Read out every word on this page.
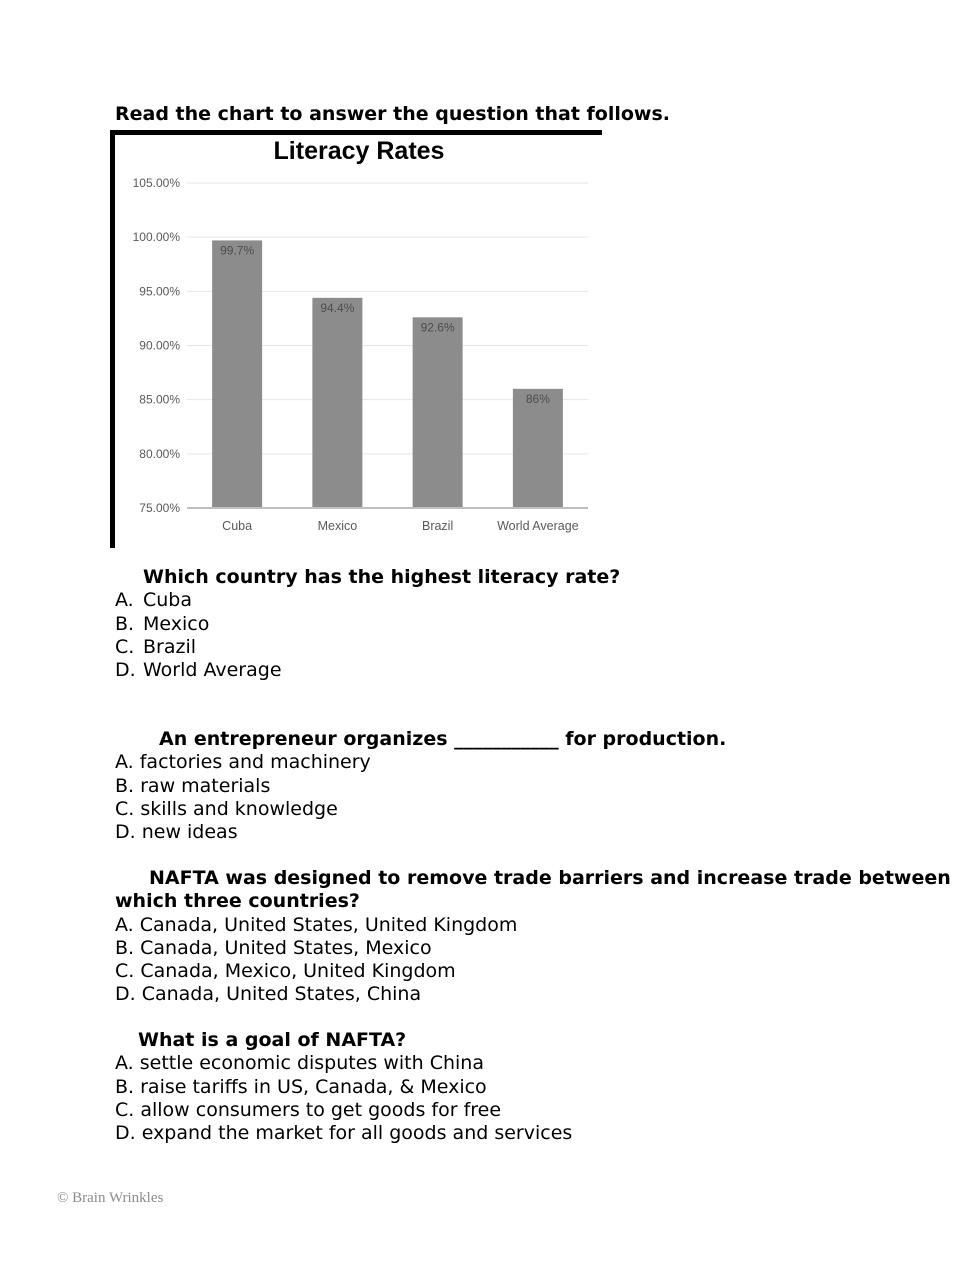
Read the chart to answer the question that follows.
Literacy Rates
75.00%
80.00%
85.00%
90.00%
95.00%
100.00%
105.00%
99.7%
Cuba
94.4%
Mexico
92.6%
Brazil
86%
World Average
Which country has the highest literacy rate?
A. Cuba
B. Mexico
C. Brazil
D. World Average
An entrepreneur organizes ___________ for production.
A. factories and machinery
B. raw materials
C. skills and knowledge
D. new ideas
NAFTA was designed to remove trade barriers and increase trade between
which three countries?
A. Canada, United States, United Kingdom
B. Canada, United States, Mexico
C. Canada, Mexico, United Kingdom
D. Canada, United States, China
What is a goal of NAFTA?
A. settle economic disputes with China
B. raise tariffs in US, Canada, & Mexico
C. allow consumers to get goods for free
D. expand the market for all goods and services
© Brain Wrinkles
